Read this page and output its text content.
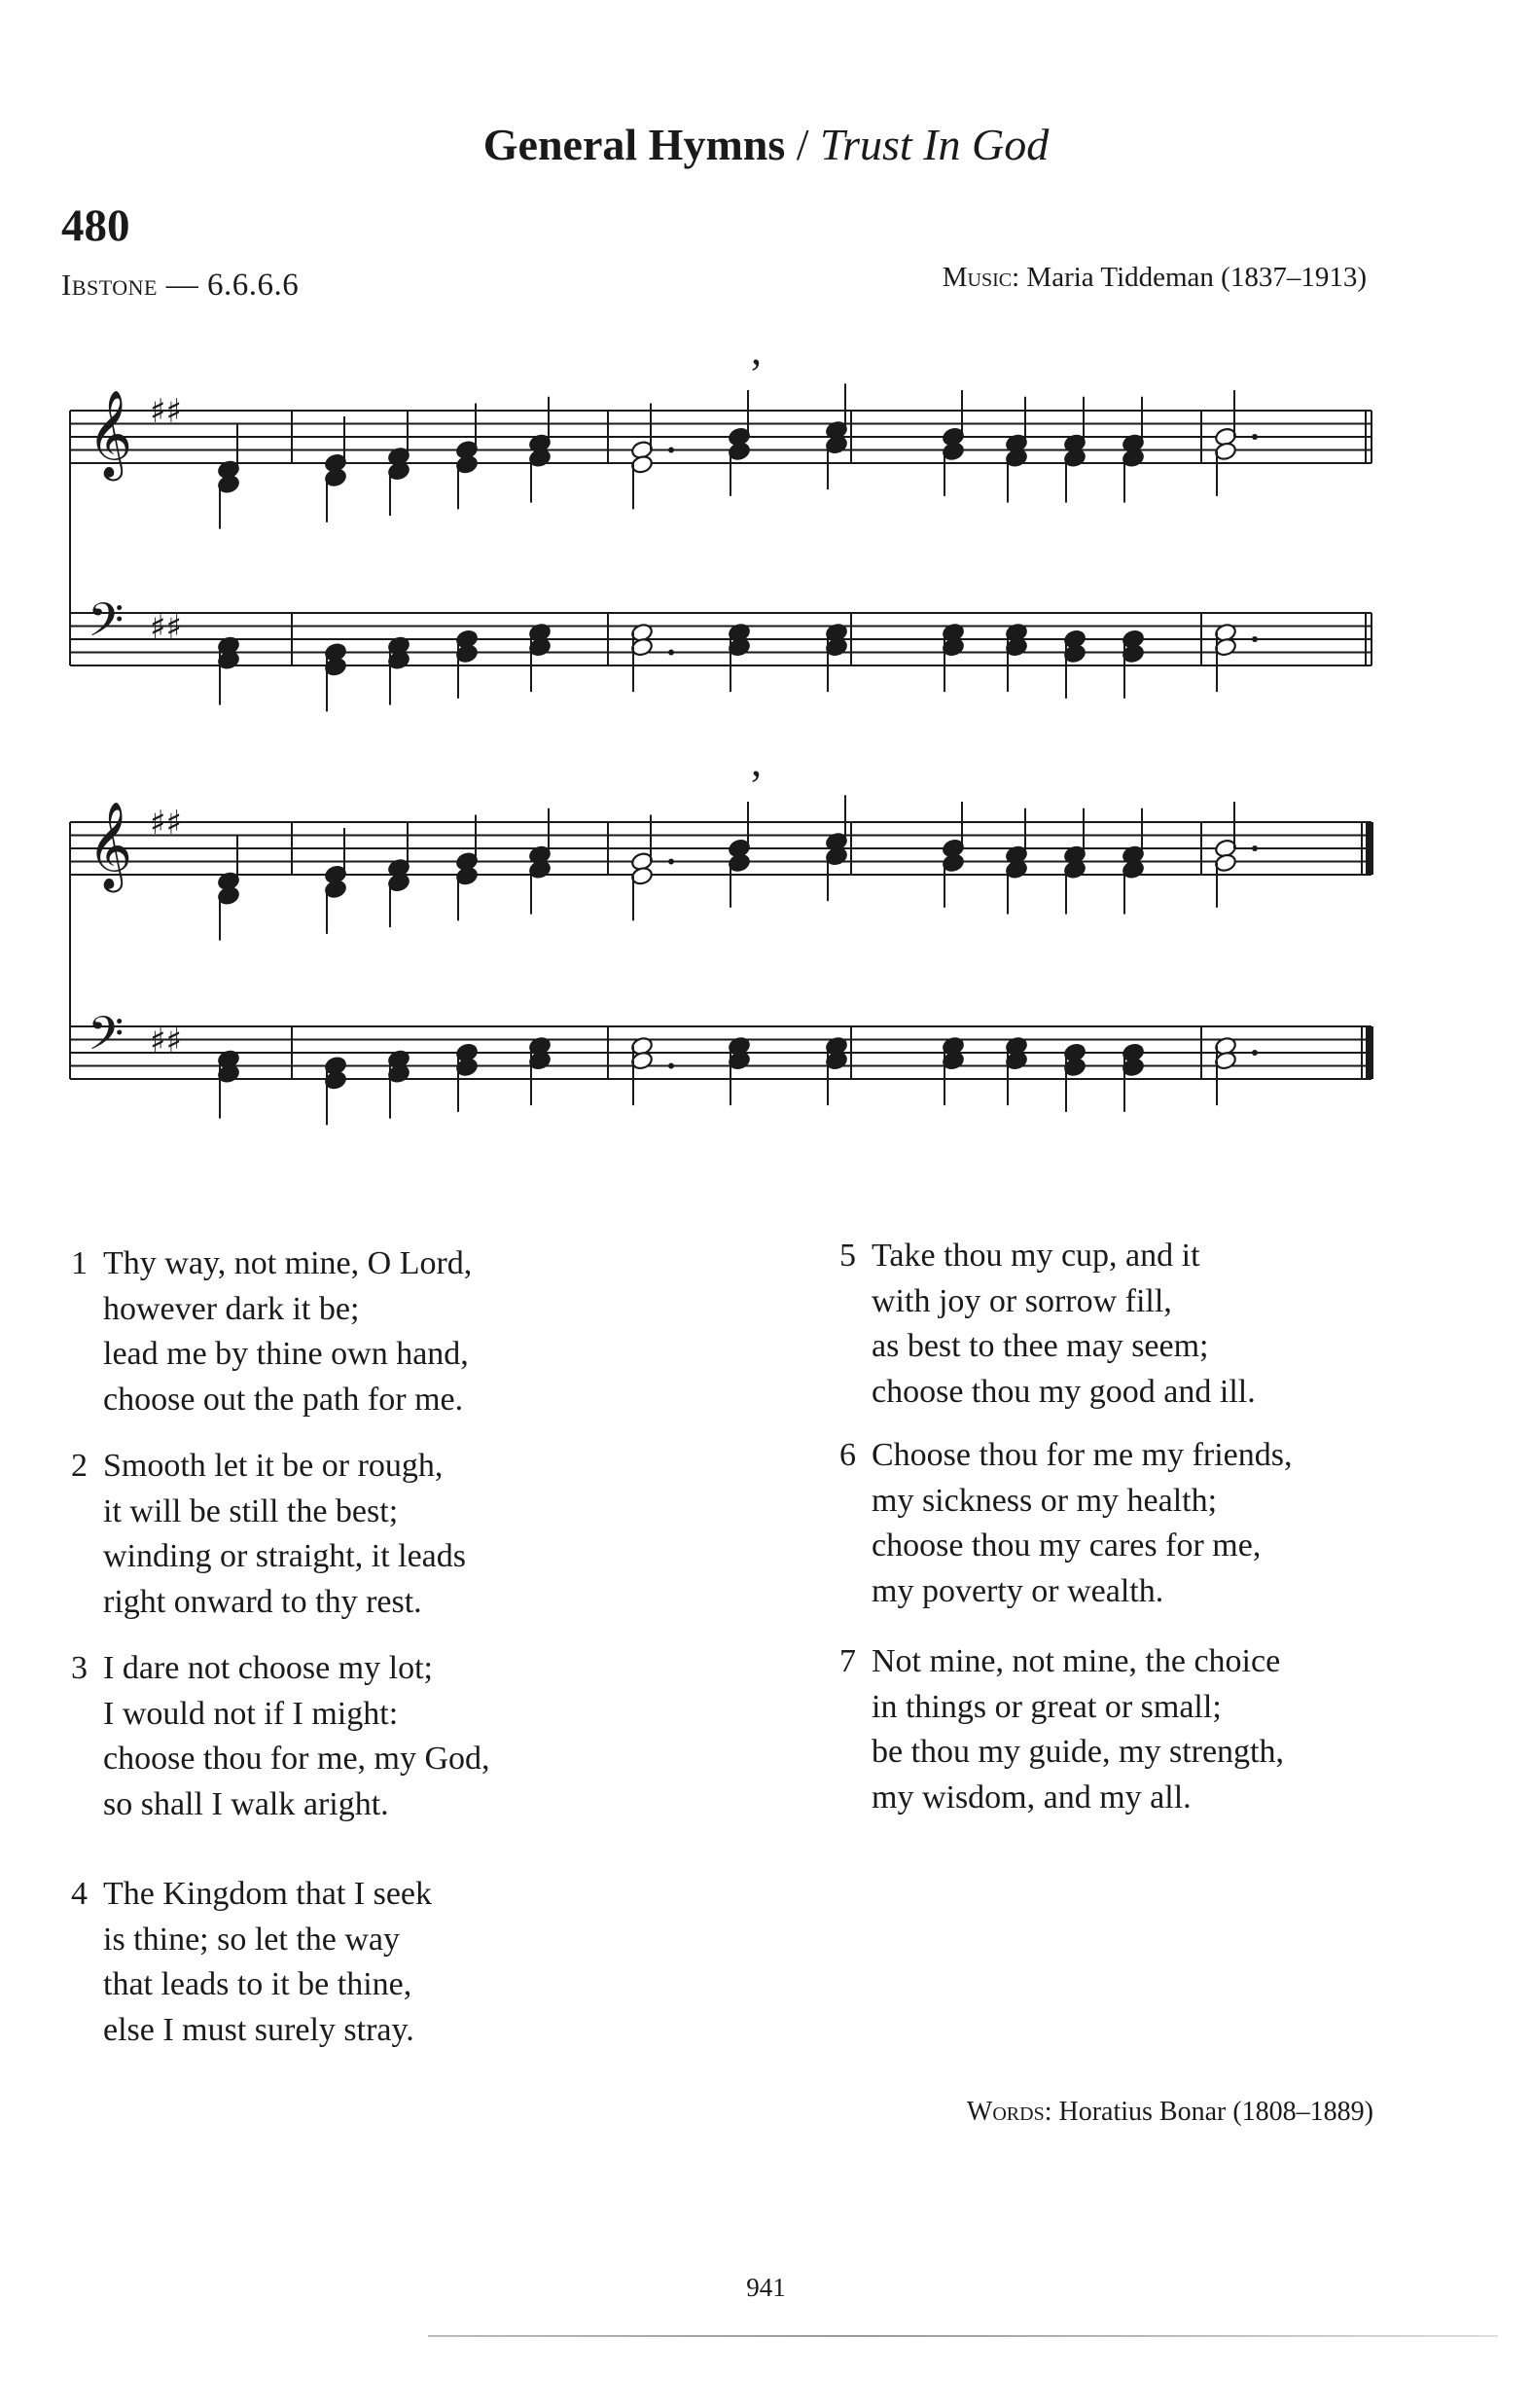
General Hymns / Trust In God
480
Ibstone — 6.6.6.6	Music: Maria Tiddeman (1837–1913)
𝄞 ♯♯
𝄢 ♯♯
,
𝄞 ♯♯
𝄢 ♯♯
,
1 Thy way, not mine, O Lord,
however dark it be;
lead me by thine own hand,
choose out the path for me.
2 Smooth let it be or rough,
it will be still the best;
winding or straight, it leads
right onward to thy rest.
3 I dare not choose my lot;
I would not if I might:
choose thou for me, my God,
so shall I walk aright.
4 The Kingdom that I seek
is thine; so let the way
that leads to it be thine,
else I must surely stray.
5 Take thou my cup, and it
with joy or sorrow fill,
as best to thee may seem;
choose thou my good and ill.
6 Choose thou for me my friends,
my sickness or my health;
choose thou my cares for me,
my poverty or wealth.
7 Not mine, not mine, the choice
in things or great or small;
be thou my guide, my strength,
my wisdom, and my all.
Words: Horatius Bonar (1808–1889)
941
